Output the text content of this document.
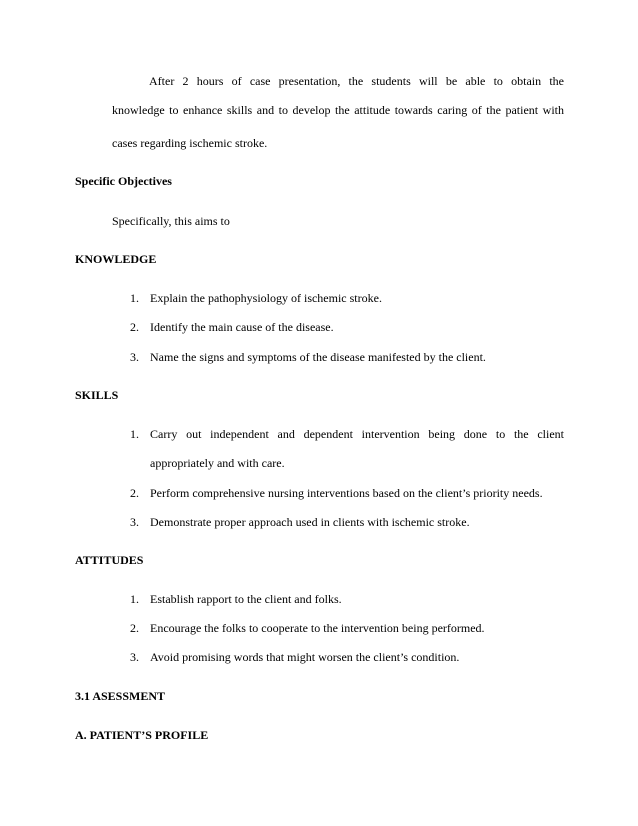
After 2 hours of case presentation, the students will be able to obtain the
knowledge to enhance skills and to develop the attitude towards caring of the patient with
cases regarding ischemic stroke.
Specific Objectives
Specifically, this aims to
KNOWLEDGE
1. Explain the pathophysiology of ischemic stroke.
2. Identify the main cause of the disease.
3. Name the signs and symptoms of the disease manifested by the client.
SKILLS
1. Carry out independent and dependent intervention being done to the client
appropriately and with care.
2. Perform comprehensive nursing interventions based on the client’s priority needs.
3. Demonstrate proper approach used in clients with ischemic stroke.
ATTITUDES
1. Establish rapport to the client and folks.
2. Encourage the folks to cooperate to the intervention being performed.
3. Avoid promising words that might worsen the client’s condition.
3.1 ASESSMENT
A. PATIENT’S PROFILE
